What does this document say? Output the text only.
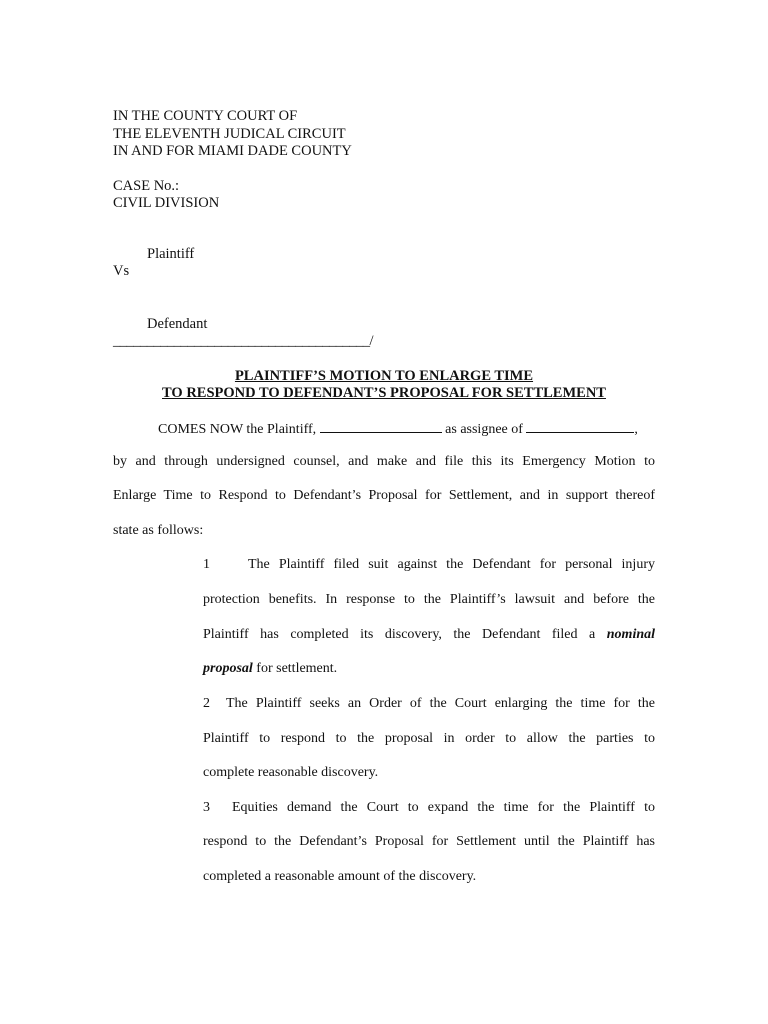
IN THE COUNTY COURT OF
THE ELEVENTH JUDICAL CIRCUIT
IN AND FOR MIAMI DADE COUNTY
CASE No.:
CIVIL DIVISION
Plaintiff
Vs
Defendant
______________________________________/
PLAINTIFF’S MOTION TO ENLARGE TIME
TO RESPOND TO DEFENDANT’S PROPOSAL FOR SETTLEMENT
COMES NOW the Plaintiff,	as assignee of	,
by and through undersigned counsel, and make and file this its Emergency Motion to
Enlarge Time to Respond to Defendant’s Proposal for Settlement, and in support thereof
state as follows:
1	The Plaintiff filed suit against the Defendant for personal injury
protection benefits. In response to the Plaintiff’s lawsuit and before the
Plaintiff has completed its discovery, the Defendant filed a nominal
proposal for settlement.
2 The Plaintiff seeks an Order of the Court enlarging the time for the
Plaintiff to respond to the proposal in order to allow the parties to
complete reasonable discovery.
3 Equities demand the Court to expand the time for the Plaintiff to
respond to the Defendant’s Proposal for Settlement until the Plaintiff has
completed a reasonable amount of the discovery.
